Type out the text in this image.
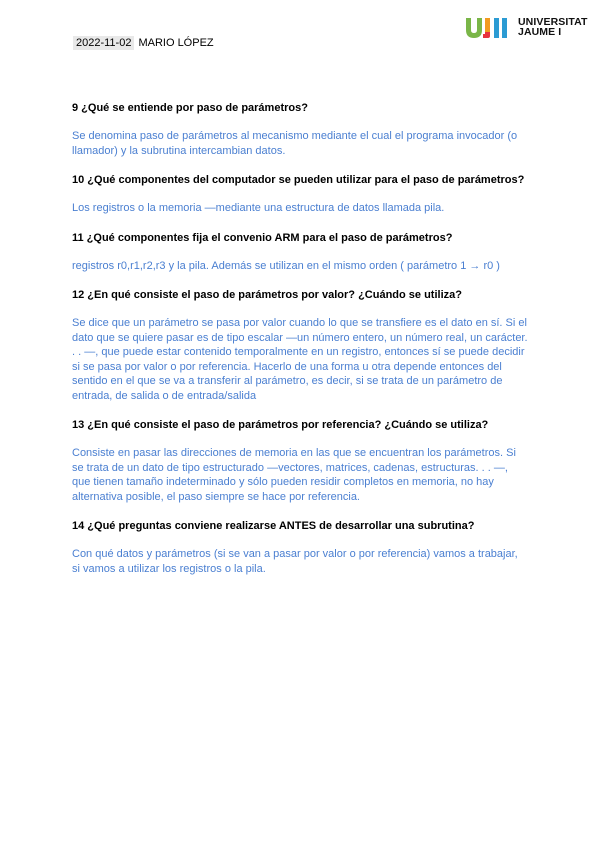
2022-11-02 MARIO LÓPEZ
UNIVERSITAT
JAUME I

9 ¿Qué se entiende por paso de parámetros?

Se denomina paso de parámetros al mecanismo mediante el cual el programa invocador (o llamador) y la subrutina intercambian datos.

10 ¿Qué componentes del computador se pueden utilizar para el paso de parámetros?

Los registros o la memoria —mediante una estructura de datos llamada pila.

11 ¿Qué componentes fija el convenio ARM para el paso de parámetros?

registros r0,r1,r2,r3 y la pila. Además se utilizan en el mismo orden ( parámetro 1 → r0 )

12 ¿En qué consiste el paso de parámetros por valor? ¿Cuándo se utiliza?

Se dice que un parámetro se pasa por valor cuando lo que se transfiere es el dato en sí. Si el dato que se quiere pasar es de tipo escalar —un número entero, un número real, un carácter. . . —, que puede estar contenido temporalmente en un registro, entonces sí se puede decidir si se pasa por valor o por referencia. Hacerlo de una forma u otra depende entonces del sentido en el que se va a transferir al parámetro, es decir, si se trata de un parámetro de entrada, de salida o de entrada/salida

13 ¿En qué consiste el paso de parámetros por referencia? ¿Cuándo se utiliza?

Consiste en pasar las direcciones de memoria en las que se encuentran los parámetros. Si se trata de un dato de tipo estructurado —vectores, matrices, cadenas, estructuras. . . —, que tienen tamaño indeterminado y sólo pueden residir completos en memoria, no hay alternativa posible, el paso siempre se hace por referencia.

14 ¿Qué preguntas conviene realizarse ANTES de desarrollar una subrutina?

Con qué datos y parámetros (si se van a pasar por valor o por referencia) vamos a trabajar, si vamos a utilizar los registros o la pila.
